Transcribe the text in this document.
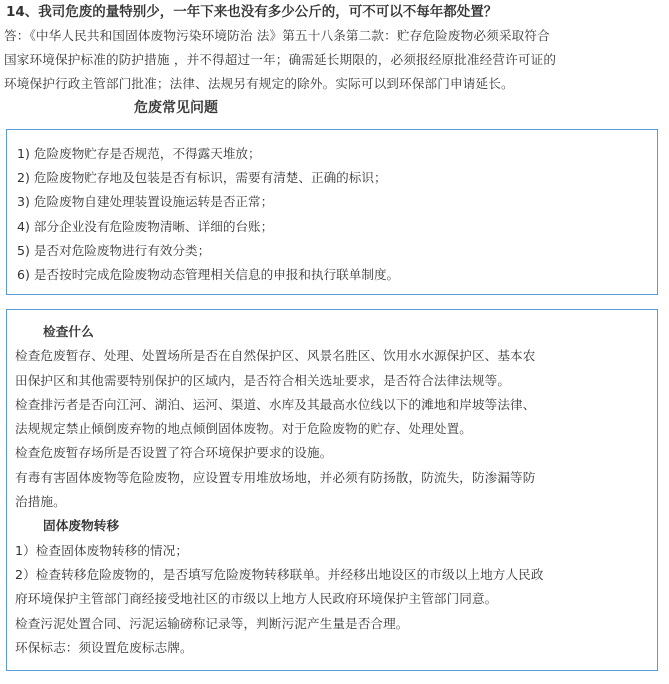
14、我司危废的量特别少，一年下来也没有多少公斤的，可不可以不每年都处置？
答：《中华人民共和国固体废物污染环境防治 法》第五十八条第二款：贮存危险废物必须采取符合
国家环境保护标准的防护措施 ，并不得超过一年；确需延长期限的，必须报经原批准经营许可证的
环境保护行政主管部门批准；法律、法规另有规定的除外。实际可以到环保部门申请延长。
危废常见问题
1) 危险废物贮存是否规范，不得露天堆放；
2) 危险废物贮存地及包装是否有标识，需要有清楚、正确的标识；
3) 危险废物自建处理装置设施运转是否正常；
4) 部分企业没有危险废物清晰、详细的台账；
5) 是否对危险废物进行有效分类；
6) 是否按时完成危险废物动态管理相关信息的申报和执行联单制度。
检查什么
检查危废暂存、处理、处置场所是否在自然保护区、风景名胜区、饮用水水源保护区、基本农
田保护区和其他需要特别保护的区域内，是否符合相关选址要求，是否符合法律法规等。
检查排污者是否向江河、湖泊、运河、渠道、水库及其最高水位线以下的滩地和岸坡等法律、
法规规定禁止倾倒废弃物的地点倾倒固体废物。对于危险废物的贮存、处理处置。
检查危废暂存场所是否设置了符合环境保护要求的设施。
有毒有害固体废物等危险废物，应设置专用堆放场地，并必须有防扬散，防流失，防渗漏等防
治措施。
固体废物转移
1）检查固体废物转移的情况；
2）检查转移危险废物的，是否填写危险废物转移联单。并经移出地设区的市级以上地方人民政
府环境保护主管部门商经接受地社区的市级以上地方人民政府环境保护主管部门同意。
检查污泥处置合同、污泥运输磅称记录等，判断污泥产生量是否合理。
环保标志：须设置危废标志牌。
